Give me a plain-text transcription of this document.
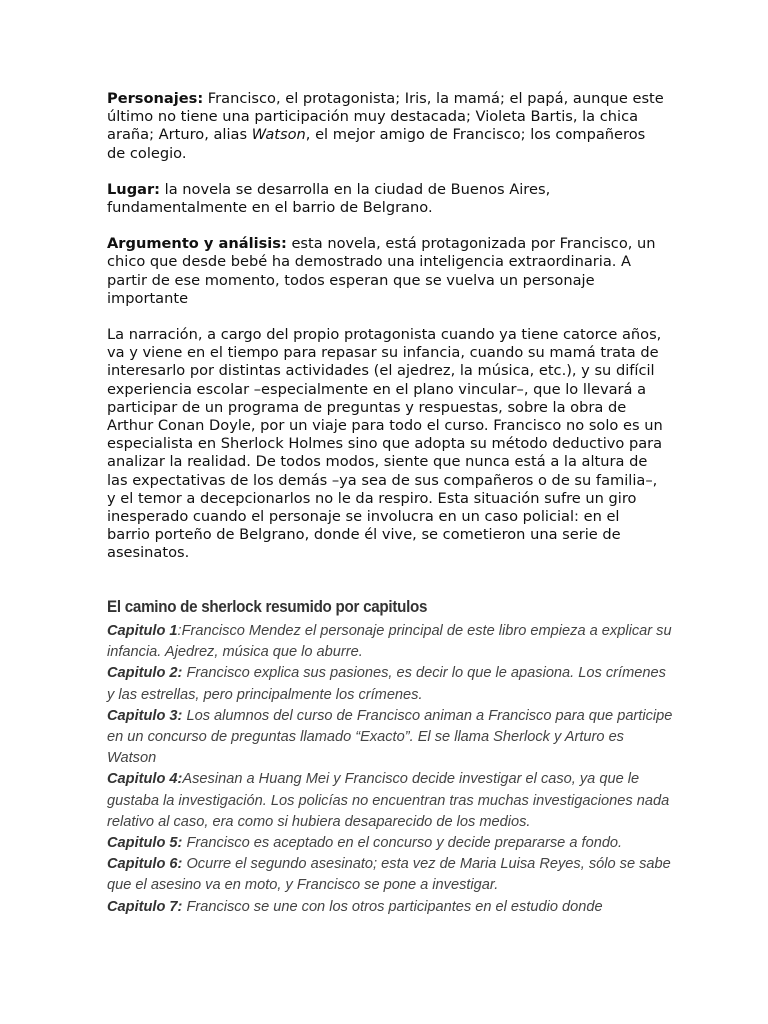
Personajes: Francisco, el protagonista; Iris, la mamá; el papá, aunque este último no tiene una participación muy destacada; Violeta Bartis, la chica araña; Arturo, alias Watson, el mejor amigo de Francisco; los compañeros de colegio.

Lugar: la novela se desarrolla en la ciudad de Buenos Aires, fundamentalmente en el barrio de Belgrano.

Argumento y análisis: esta novela, está protagonizada por Francisco, un chico que desde bebé ha demostrado una inteligencia extraordinaria. A partir de ese momento, todos esperan que se vuelva un personaje importante

La narración, a cargo del propio protagonista cuando ya tiene catorce años, va y viene en el tiempo para repasar su infancia, cuando su mamá trata de interesarlo por distintas actividades (el ajedrez, la música, etc.), y su difícil experiencia escolar –especialmente en el plano vincular–, que lo llevará a participar de un programa de preguntas y respuestas, sobre la obra de Arthur Conan Doyle, por un viaje para todo el curso. Francisco no solo es un especialista en Sherlock Holmes sino que adopta su método deductivo para analizar la realidad. De todos modos, siente que nunca está a la altura de las expectativas de los demás –ya sea de sus compañeros o de su familia–, y el temor a decepcionarlos no le da respiro. Esta situación sufre un giro inesperado cuando el personaje se involucra en un caso policial: en el barrio porteño de Belgrano, donde él vive, se cometieron una serie de asesinatos.

El camino de sherlock resumido por capitulos

Capitulo 1:Francisco Mendez el personaje principal de este libro empieza a explicar su infancia. Ajedrez, música que lo aburre.

Capitulo 2: Francisco explica sus pasiones, es decir lo que le apasiona. Los crímenes y las estrellas, pero principalmente los crímenes.

Capitulo 3: Los alumnos del curso de Francisco animan a Francisco para que participe en un concurso de preguntas llamado “Exacto”. El se llama Sherlock y Arturo es Watson

Capitulo 4:Asesinan a Huang Mei y Francisco decide investigar el caso, ya que le gustaba la investigación. Los policías no encuentran tras muchas investigaciones nada relativo al caso, era como si hubiera desaparecido de los medios.

Capitulo 5: Francisco es aceptado en el concurso y decide prepararse a fondo.

Capitulo 6: Ocurre el segundo asesinato; esta vez de Maria Luisa Reyes, sólo se sabe que el asesino va en moto, y Francisco se pone a investigar.

Capitulo 7: Francisco se une con los otros participantes en el estudio donde
